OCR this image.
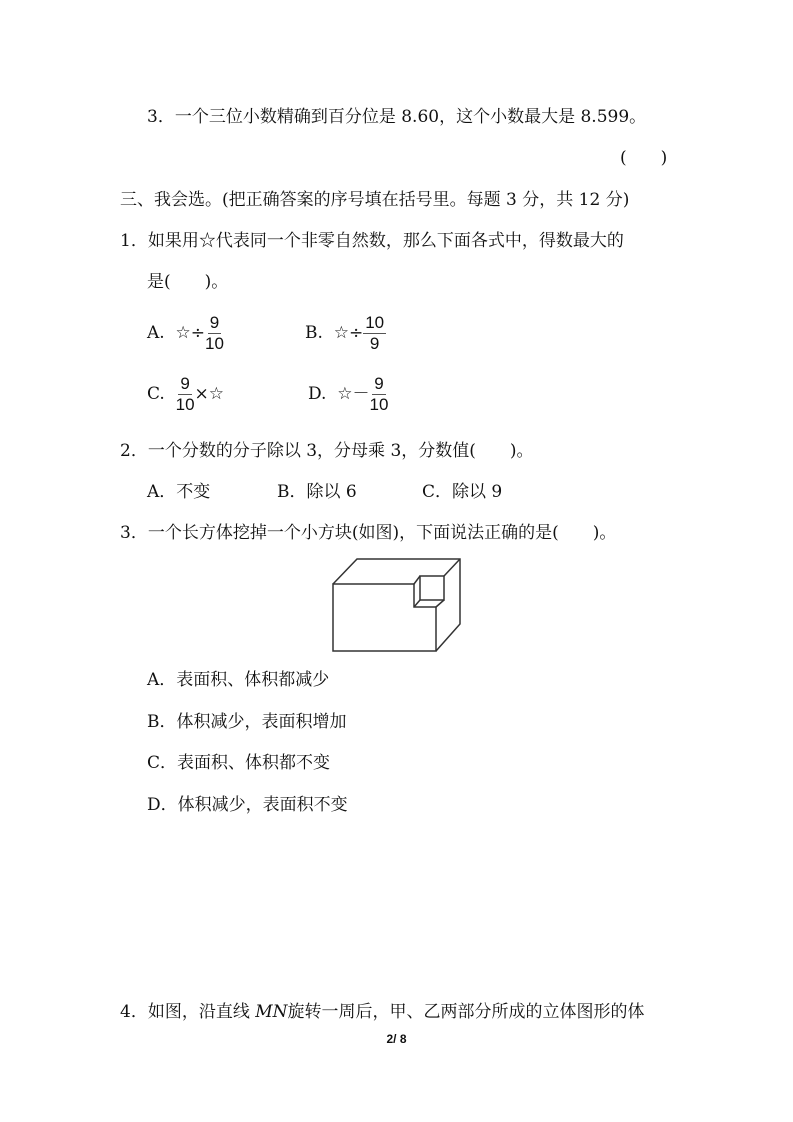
3．一个三位小数精确到百分位是 8.60，这个小数最大是 8.599。
(　　)
三、我会选。(把正确答案的序号填在括号里。每题 3 分，共 12 分)
1．如果用☆代表同一个非零自然数，那么下面各式中，得数最大的
是(　　)。
A. ☆÷ $\frac{9}{10}$	B. ☆÷ $\frac{10}{9}$
C. $\frac{9}{10}$ ×☆	D. ☆－ $\frac{9}{10}$
2．一个分数的分子除以 3，分母乘 3，分数值(　　)。
A．不变	B．除以 6	C．除以 9
3．一个长方体挖掉一个小方块(如图)，下面说法正确的是(　　)。
A．表面积、体积都减少
B．体积减少，表面积增加
C．表面积、体积都不变
D．体积减少，表面积不变
4．如图，沿直线 MN旋转一周后，甲、乙两部分所成的立体图形的体
2/ 8
